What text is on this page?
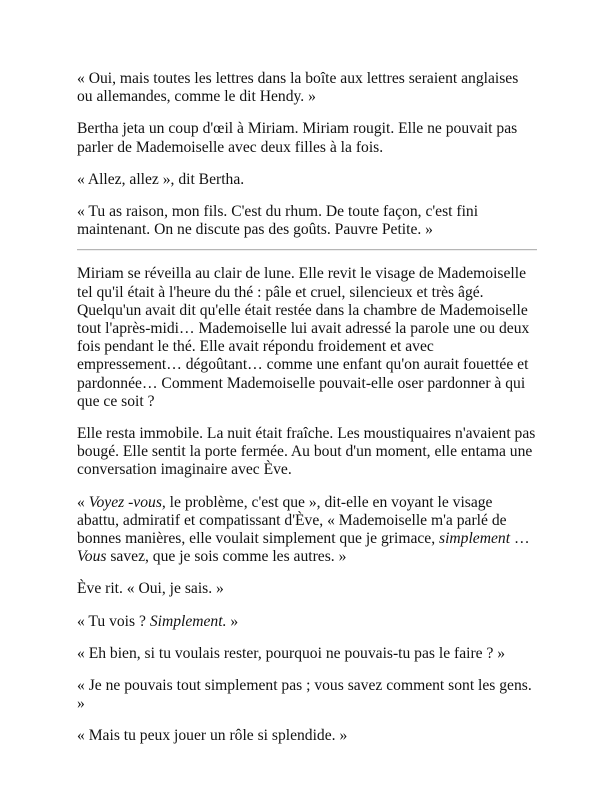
« Oui, mais toutes les lettres dans la boîte aux lettres seraient anglaises ou allemandes, comme le dit Hendy. »

Bertha jeta un coup d'œil à Miriam. Miriam rougit. Elle ne pouvait pas parler de Mademoiselle avec deux filles à la fois.

« Allez, allez », dit Bertha.

« Tu as raison, mon fils. C'est du rhum. De toute façon, c'est fini maintenant. On ne discute pas des goûts. Pauvre Petite. »

Miriam se réveilla au clair de lune. Elle revit le visage de Mademoiselle tel qu'il était à l'heure du thé : pâle et cruel, silencieux et très âgé. Quelqu'un avait dit qu'elle était restée dans la chambre de Mademoiselle tout l'après-midi… Mademoiselle lui avait adressé la parole une ou deux fois pendant le thé. Elle avait répondu froidement et avec empressement… dégoûtant… comme une enfant qu'on aurait fouettée et pardonnée… Comment Mademoiselle pouvait-elle oser pardonner à qui que ce soit ?

Elle resta immobile. La nuit était fraîche. Les moustiquaires n'avaient pas bougé. Elle sentit la porte fermée. Au bout d'un moment, elle entama une conversation imaginaire avec Ève.

« Voyez -vous, le problème, c'est que », dit-elle en voyant le visage abattu, admiratif et compatissant d'Ève, « Mademoiselle m'a parlé de bonnes manières, elle voulait simplement que je grimace, simplement … Vous savez, que je sois comme les autres. »

Ève rit. « Oui, je sais. »

« Tu vois ? Simplement. »

« Eh bien, si tu voulais rester, pourquoi ne pouvais-tu pas le faire ? »

« Je ne pouvais tout simplement pas ; vous savez comment sont les gens. »

« Mais tu peux jouer un rôle si splendide. »
